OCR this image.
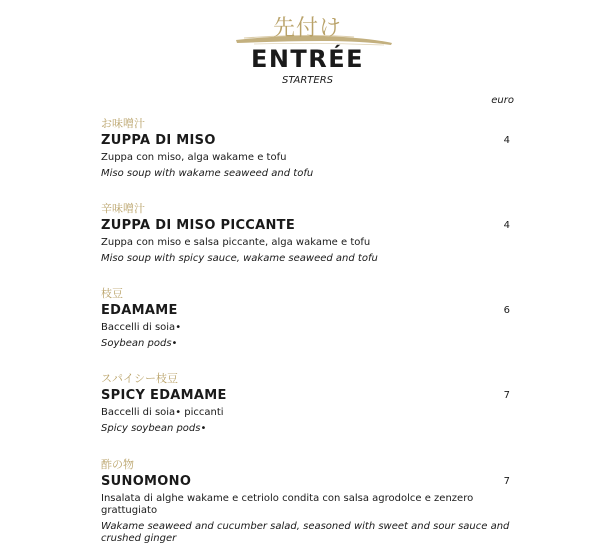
先付け
ENTRÉE
STARTERS
euro
お味噌汁
ZUPPA DI MISO	4
Zuppa con miso, alga wakame e tofu
Miso soup with wakame seaweed and tofu
辛味噌汁
ZUPPA DI MISO PICCANTE	4
Zuppa con miso e salsa piccante, alga wakame e tofu
Miso soup with spicy sauce, wakame seaweed and tofu
枝豆
EDAMAME	6
Baccelli di soia•
Soybean pods•
スパイシー枝豆
SPICY EDAMAME	7
Baccelli di soia• piccanti
Spicy soybean pods•
酢の物
SUNOMONO	7
Insalata di alghe wakame e cetriolo condita con salsa agrodolce e zenzero grattugiato
Wakame seaweed and cucumber salad, seasoned with sweet and sour sauce and crushed ginger
